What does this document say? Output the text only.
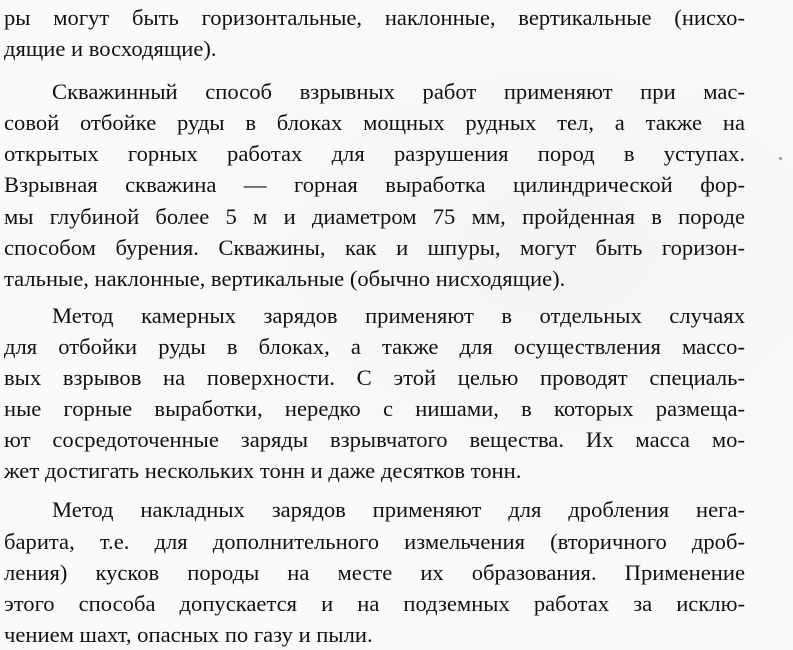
ры могут быть горизонтальные, наклонные, вертикальные (нисхо-
дящие и восходящие).
Скважинный способ взрывных работ применяют при мас-
совой отбойке руды в блоках мощных рудных тел, а также на
открытых горных работах для разрушения пород в уступах.
Взрывная скважина — горная выработка цилиндрической фор-
мы глубиной более 5 м и диаметром 75 мм, пройденная в породе
способом бурения. Скважины, как и шпуры, могут быть горизон-
тальные, наклонные, вертикальные (обычно нисходящие).
Метод камерных зарядов применяют в отдельных случаях
для отбойки руды в блоках, а также для осуществления массо-
вых взрывов на поверхности. С этой целью проводят специаль-
ные горные выработки, нередко с нишами, в которых размеща-
ют сосредоточенные заряды взрывчатого вещества. Их масса мо-
жет достигать нескольких тонн и даже десятков тонн.
Метод накладных зарядов применяют для дробления нега-
барита, т.е. для дополнительного измельчения (вторичного дроб-
ления) кусков породы на месте их образования. Применение
этого способа допускается и на подземных работах за исклю-
чением шахт, опасных по газу и пыли.
